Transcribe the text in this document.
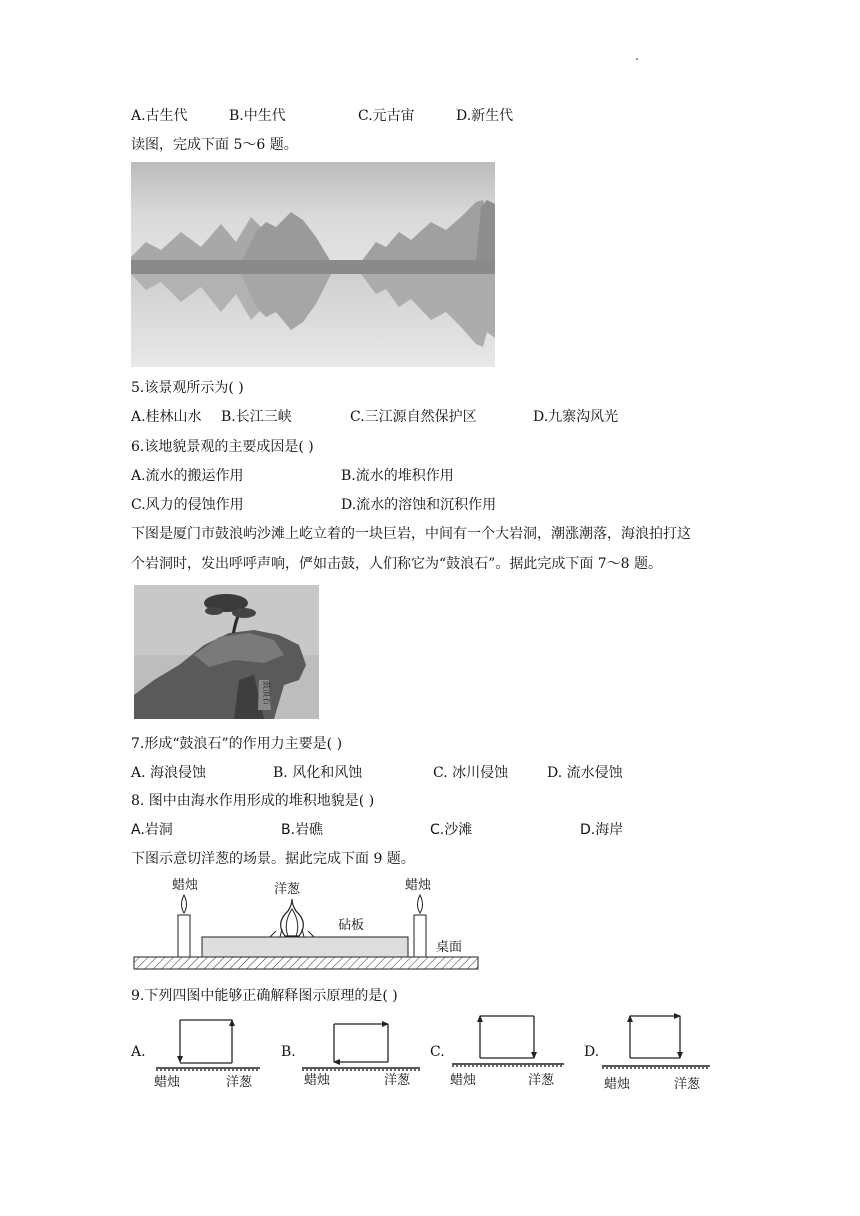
A.古生代	B.中生代	C.元古宙	D.新生代
读图，完成下面 5～6 题。
5.该景观所示为( )
A.桂林山水 B.长江三峡	C.三江源自然保护区	D.九寨沟风光
6.该地貌景观的主要成因是( )
A.流水的搬运作用	B.流水的堆积作用
C.风力的侵蚀作用	D.流水的溶蚀和沉积作用
下图是厦门市鼓浪屿沙滩上屹立着的一块巨岩，中间有一个大岩洞，潮涨潮落，海浪拍打这
个岩洞时，发出呼呼声响，俨如击鼓，人们称它为“鼓浪石”。据此完成下面 7～8 题。
鼓浪石
7.形成“鼓浪石”的作用力主要是( )
A. 海浪侵蚀	B. 风化和风蚀	C. 冰川侵蚀	D. 流水侵蚀
8. 图中由海水作用形成的堆积地貌是( )
A.岩洞	B.岩礁	C.沙滩	D.海岸
下图示意切洋葱的场景。据此完成下面 9 题。
蜡烛	洋葱	蜡烛
砧板
桌面
9.下列四图中能够正确解释图示原理的是( )
A.
蜡烛	洋葱
B.
蜡烛	洋葱
C.
蜡烛	洋葱
D.
蜡烛	洋葱
